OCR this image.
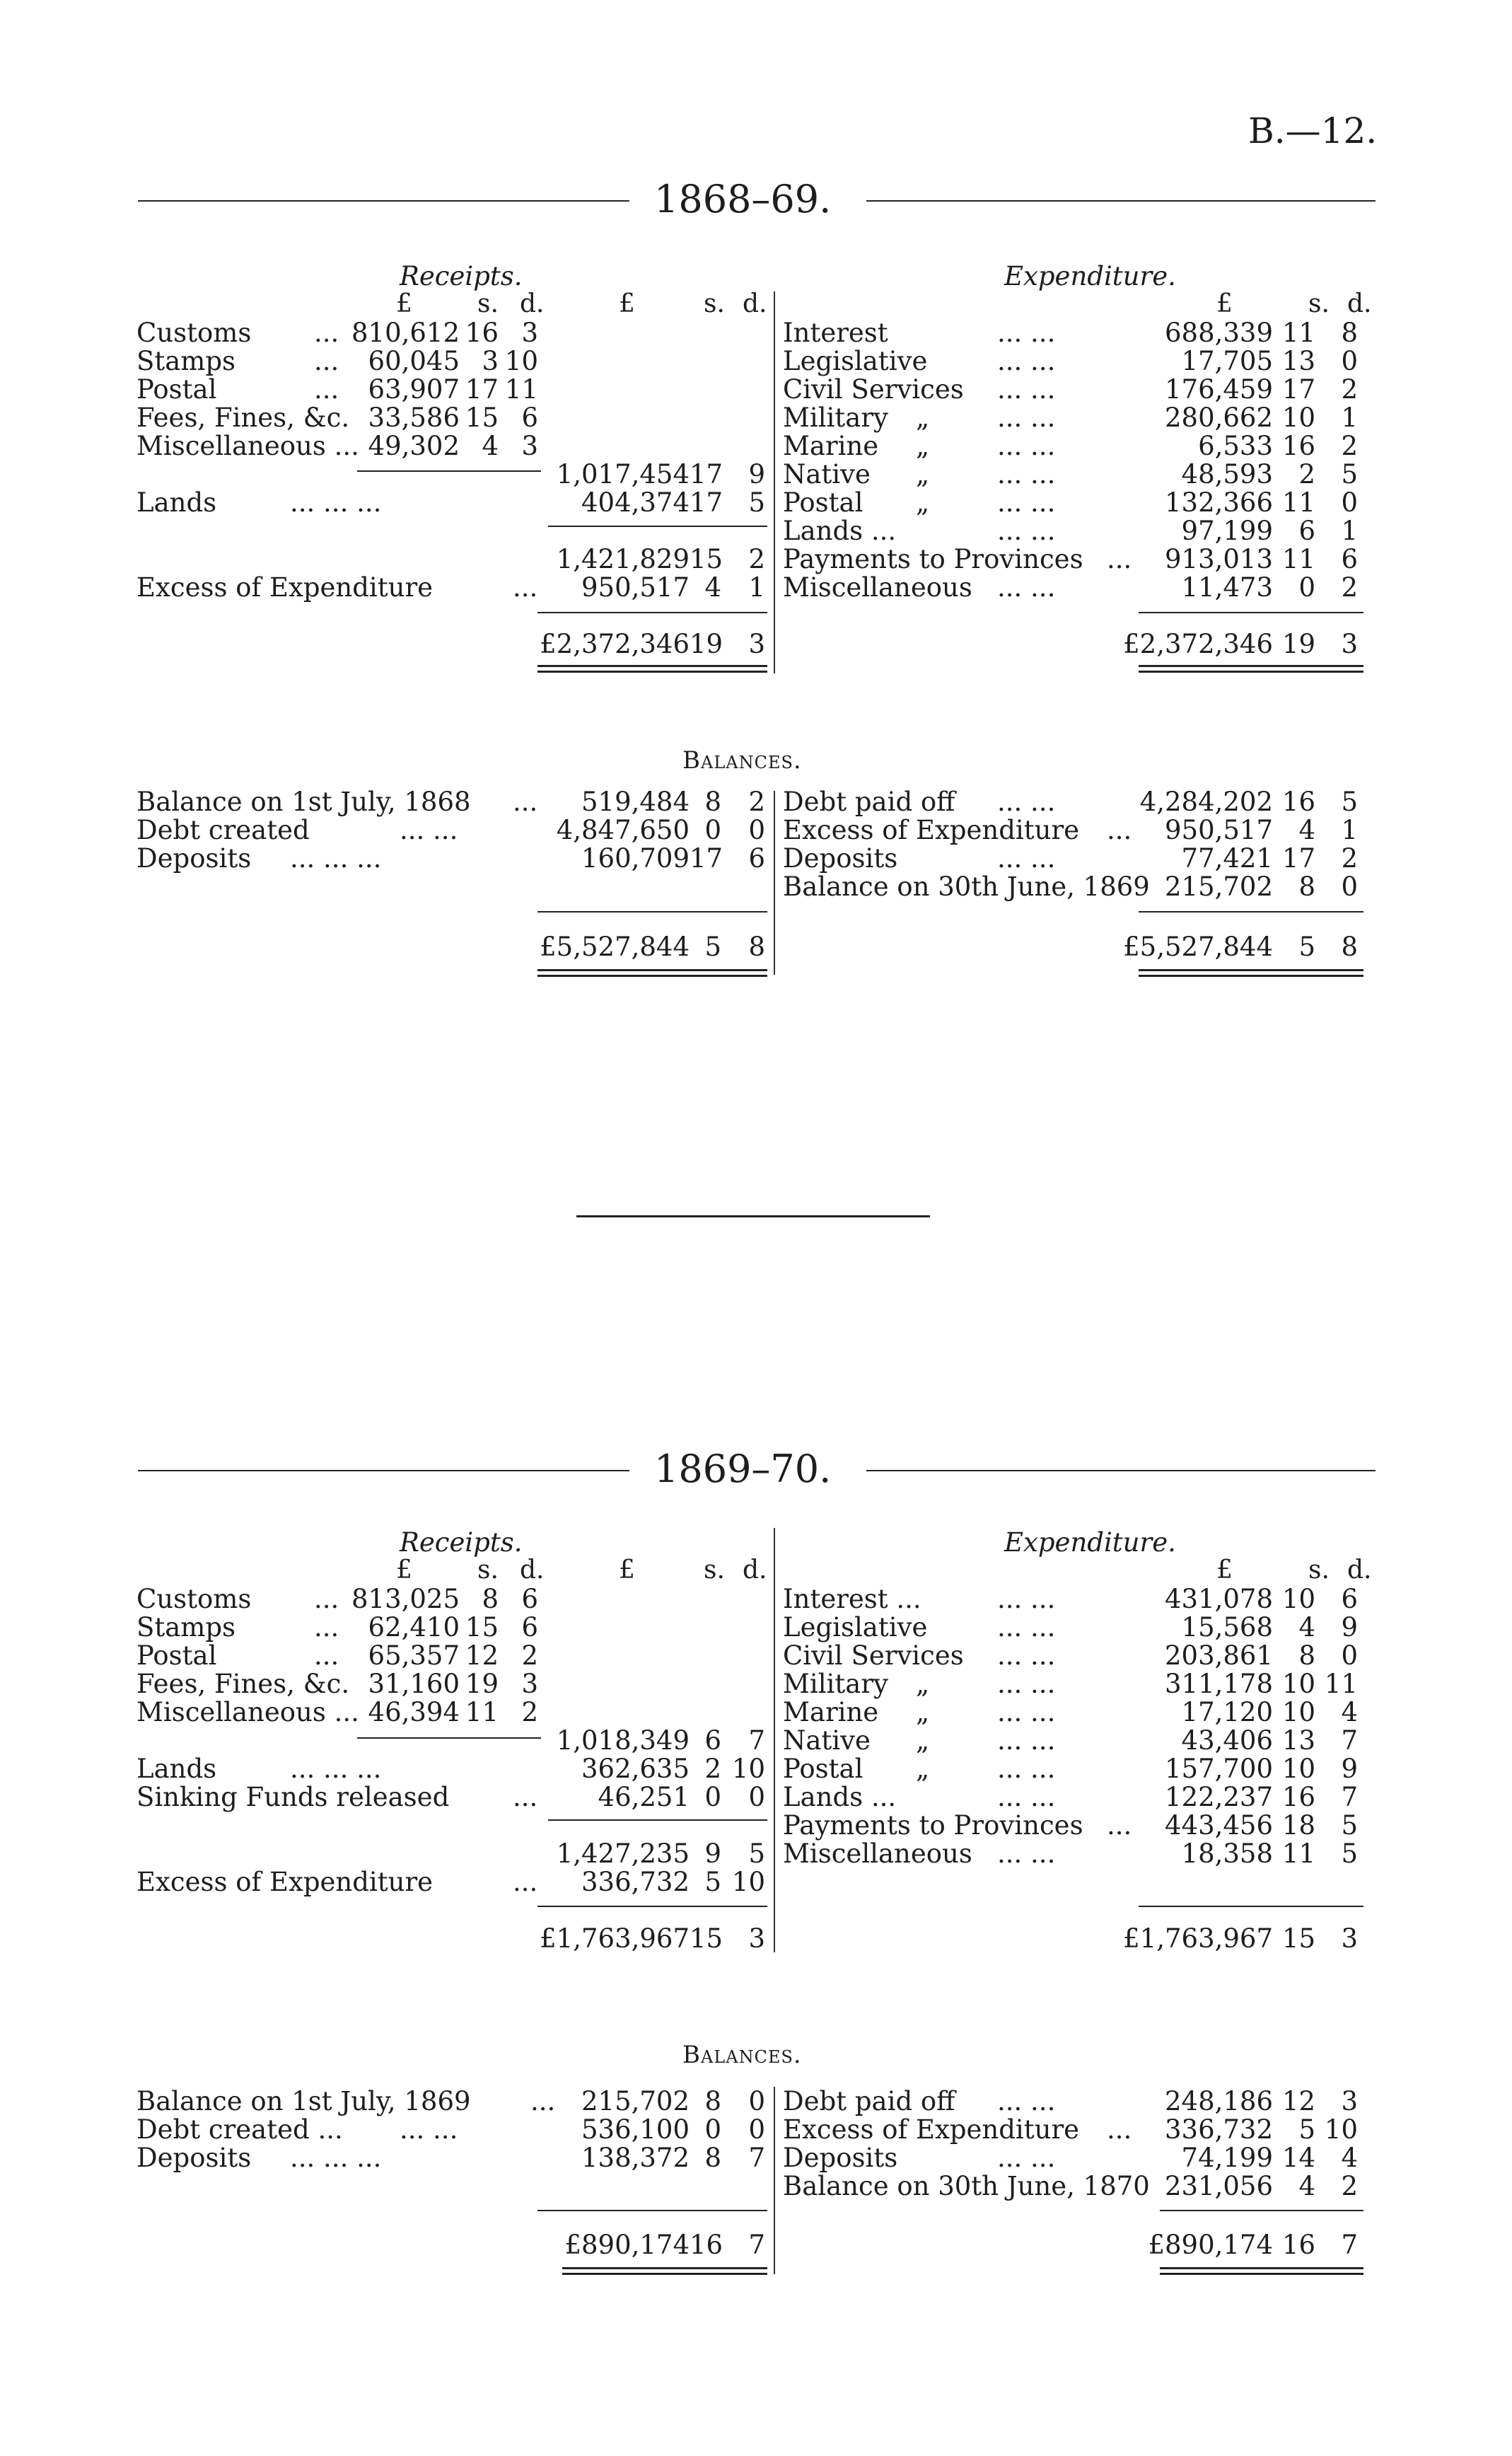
B.—12.
1868–69.
Receipts.	Expenditure.
£	s. d.	£	s. d.	£	s. d.
Customs ... 810,612 16 3
Stamps	...	60,045 3 10
Postal	...	63,907 17 11
Fees, Fines, &c. 33,586 15 6
Miscellaneous ... 49,302 4 3
1,017,454 17 9
Lands	... ... ...	404,374 17 5
1,421,829 15 2
Excess of Expenditure	...	950,517 4	1
£2,372,346 19 3
Interest	... ...	688,339 11 8
Legislative	... ...	17,705 13 0
Civil Services ... ...	176,459 17 2
Military „	... ...	280,662 10 1
Marine „	... ...	6,533 16 2
Native „	... ...	48,593 2 5
Postal „	... ...	132,366 11 0
Lands ...	... ...	97,199 6 1
Payments to Provinces ...	913,013 11 6
Miscellaneous ... ...	11,473 0 2
£2,372,346 19 3
Balances.
Balance on 1st July, 1868 ...	519,484 8	2
Debt created	... ...	4,847,650 0	0
Deposits ... ... ...	160,709 17 6
£5,527,844 5	8
Debt paid off ... ...	4,284,202 16 5
Excess of Expenditure ...	950,517 4 1
Deposits	... ...	77,421 17 2
Balance on 30th June, 1869 215,702 8 0
£5,527,844 5 8
1869–70.
Receipts.	Expenditure.
£	s. d.	£	s. d.	£	s. d.
Customs ... 813,025 8 6
Stamps	...	62,410 15 6
Postal	...	65,357 12 2
Fees, Fines, &c. 31,160 19 3
Miscellaneous ... 46,394 11 2
1,018,349 6	7
Lands	... ... ...	362,635 2 10
Sinking Funds released ...	46,251 0	0
1,427,235 9	5
Excess of Expenditure	...	336,732 5 10
£1,763,967 15 3
Interest ...	... ...	431,078 10 6
Legislative	... ...	15,568 4 9
Civil Services ... ...	203,861 8 0
Military „	... ...	311,178 10 11
Marine „	... ...	17,120 10 4
Native „	... ...	43,406 13 7
Postal „	... ...	157,700 10 9
Lands ...	... ...	122,237 16 7
Payments to Provinces ...	443,456 18 5
Miscellaneous ... ...	18,358 11 5
£1,763,967 15 3
Balances.
Balance on 1st July, 1869 ... 215,702 8	0
Debt created ... ... ...	536,100 0	0
Deposits ... ... ...	138,372 8	7
£890,174 16 7
Debt paid off ... ...	248,186 12 3
Excess of Expenditure ...	336,732 5 10
Deposits	... ...	74,199 14 4
Balance on 30th June, 1870 231,056 4 2
£890,174 16 7
